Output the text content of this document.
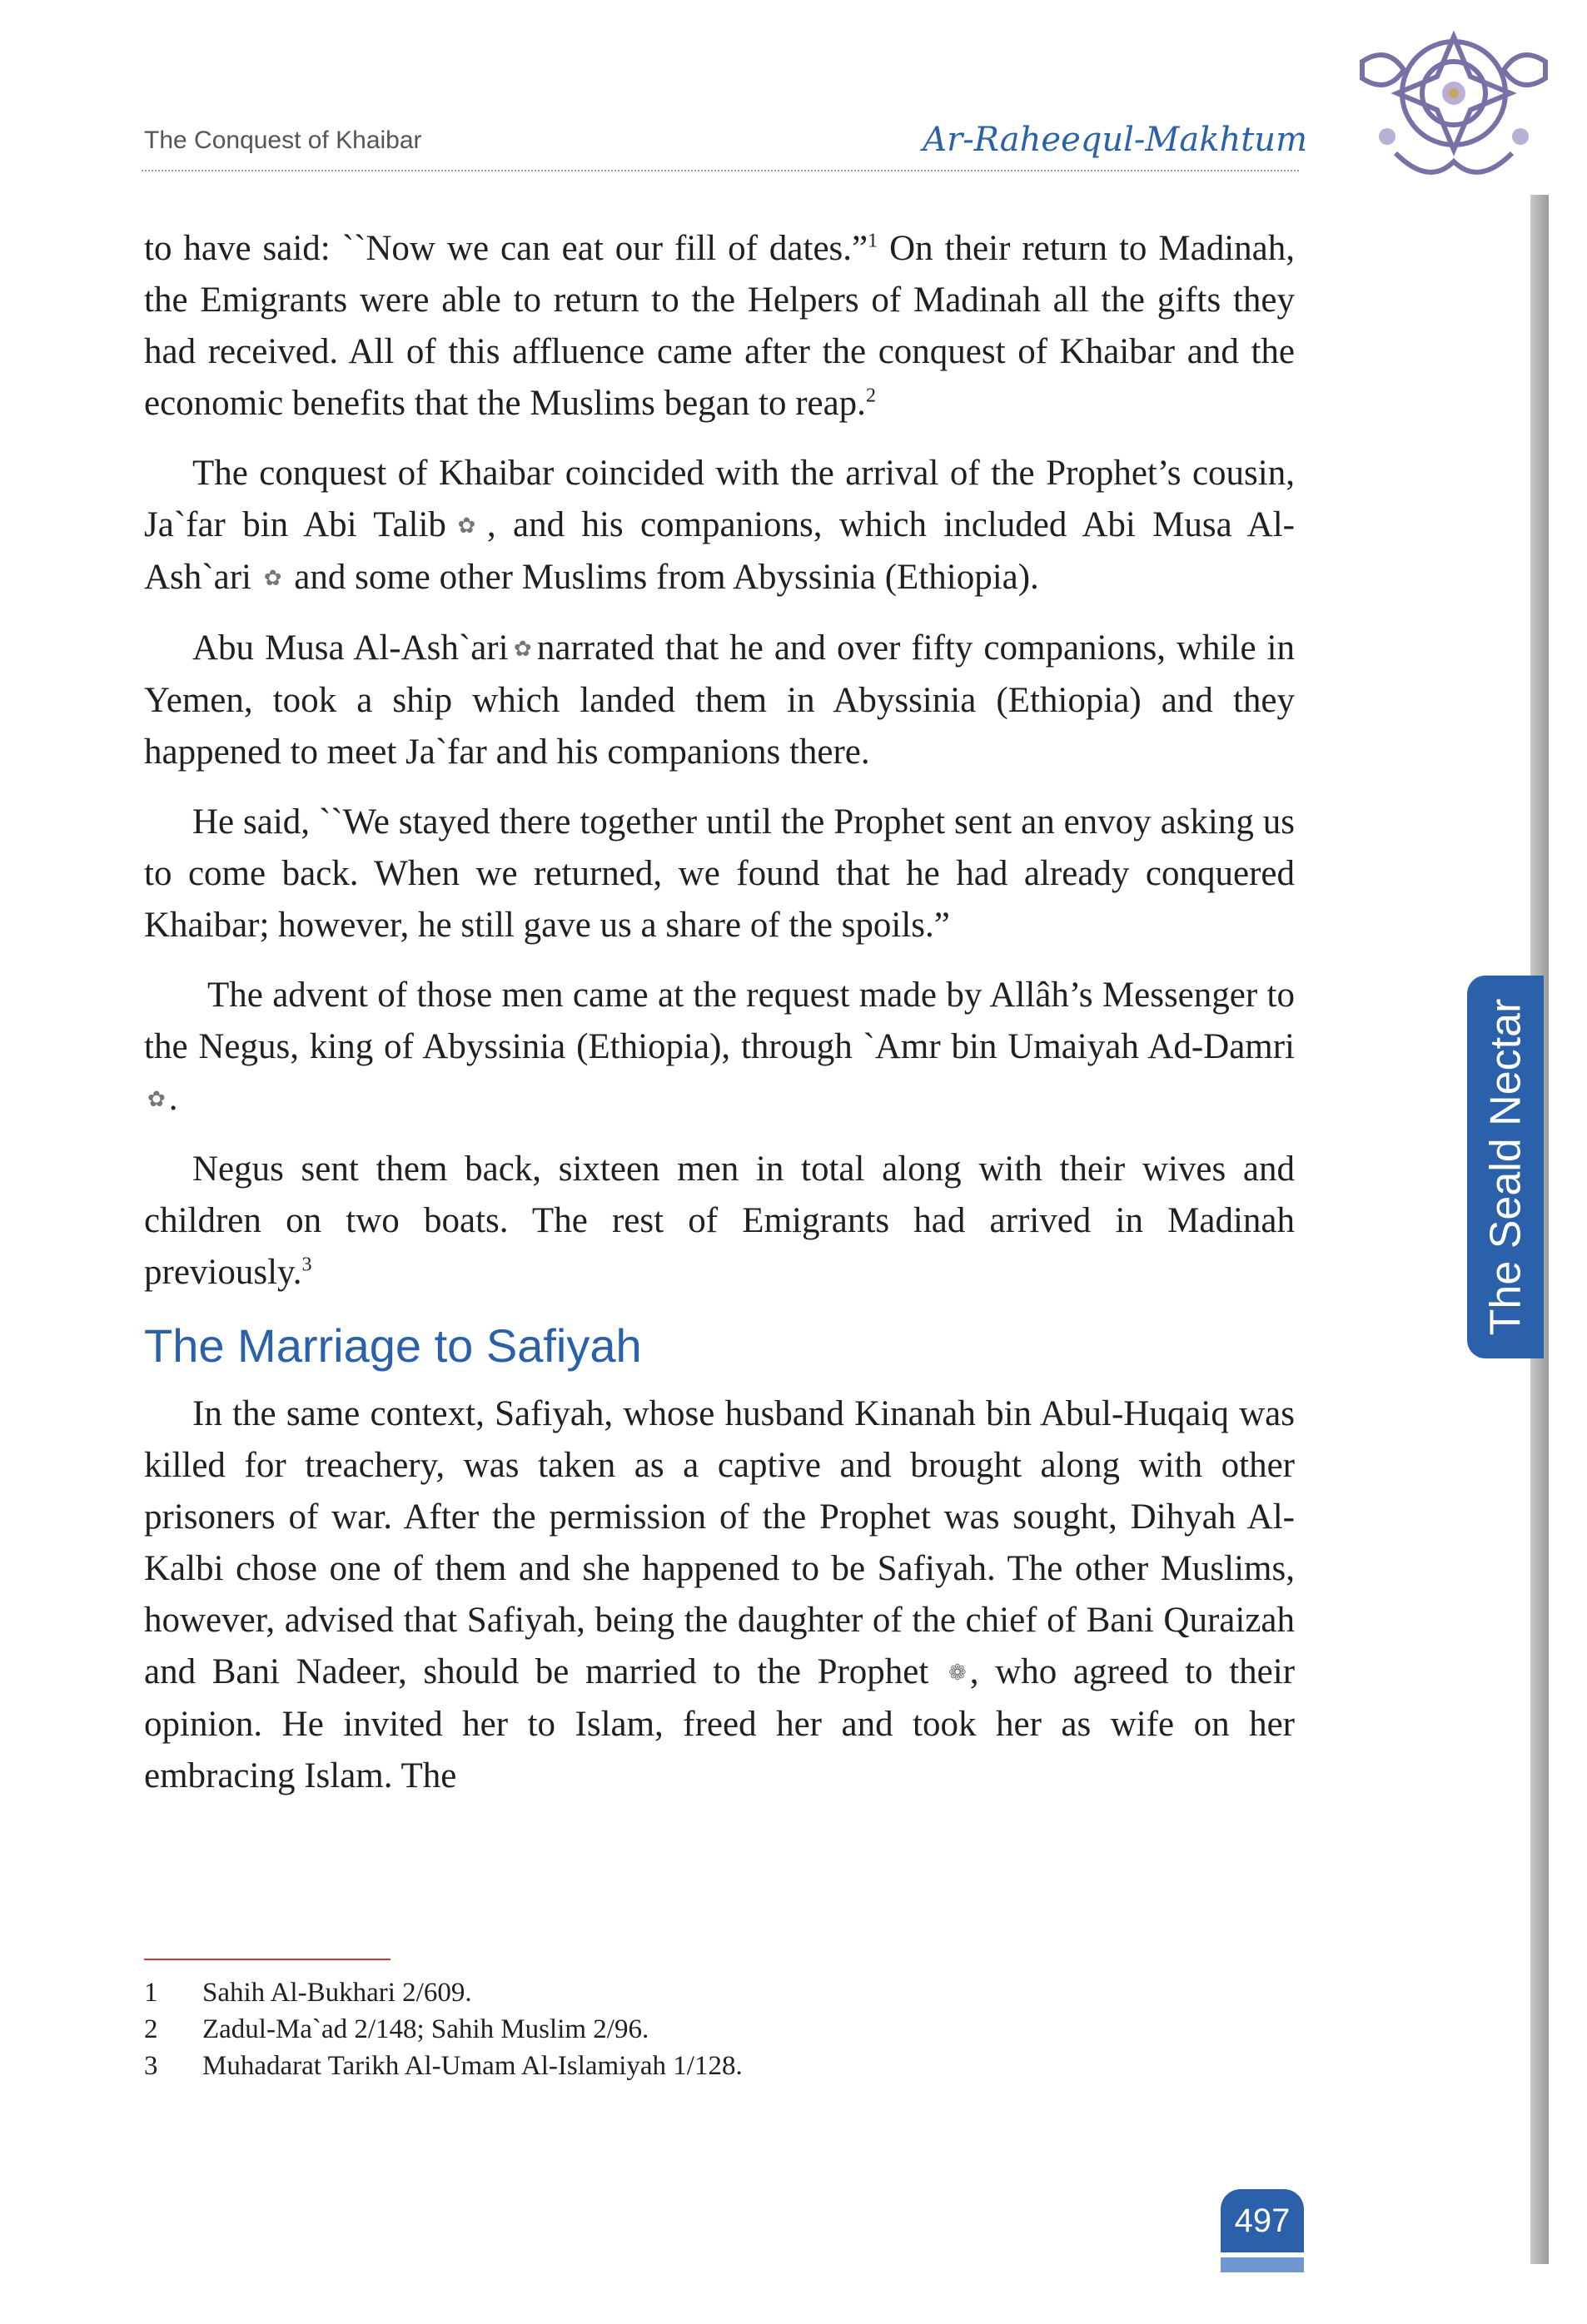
The Conquest of Khaibar	Ar-Raheequl-Makhtum

to have said: ``Now we can eat our fill of dates.”$^1$ On their return to Madinah, the Emigrants were able to return to the Helpers of Madinah all the gifts they had received. All of this affluence came after the conquest of Khaibar and the economic benefits that the Muslims began to reap.$^2$

The conquest of Khaibar coincided with the arrival of the Prophet’s cousin, Ja`far bin Abi Talib ✿, and his companions, which included Abi Musa Al-Ash`ari ✿ and some other Muslims from Abyssinia (Ethiopia).

Abu Musa Al-Ash`ari ✿narrated that he and over fifty companions, while in Yemen, took a ship which landed them in Abyssinia (Ethiopia) and they happened to meet Ja`far and his companions there.

He said, ``We stayed there together until the Prophet sent an envoy asking us to come back. When we returned, we found that he had already conquered Khaibar; however, he still gave us a share of the spoils.”

The advent of those men came at the request made by Allâh’s Messenger to the Negus, king of Abyssinia (Ethiopia), through `Amr bin Umaiyah Ad-Damri ✿.

Negus sent them back, sixteen men in total along with their wives and children on two boats. The rest of Emigrants had arrived in Madinah previously.$^3$

The Marriage to Safiyah

In the same context, Safiyah, whose husband Kinanah bin Abul-Huqaiq was killed for treachery, was taken as a captive and brought along with other prisoners of war. After the permission of the Prophet was sought, Dihyah Al-Kalbi chose one of them and she happened to be Safiyah. The other Muslims, however, advised that Safiyah, being the daughter of the chief of Bani Quraizah and Bani Nadeer, should be married to the Prophet ❁, who agreed to their opinion. He invited her to Islam, freed her and took her as wife on her embracing Islam. The

1	Sahih Al-Bukhari 2/609.
2	Zadul-Ma`ad 2/148; Sahih Muslim 2/96.
3	Muhadarat Tarikh Al-Umam Al-Islamiyah 1/128.
The Seald Nectar
497
